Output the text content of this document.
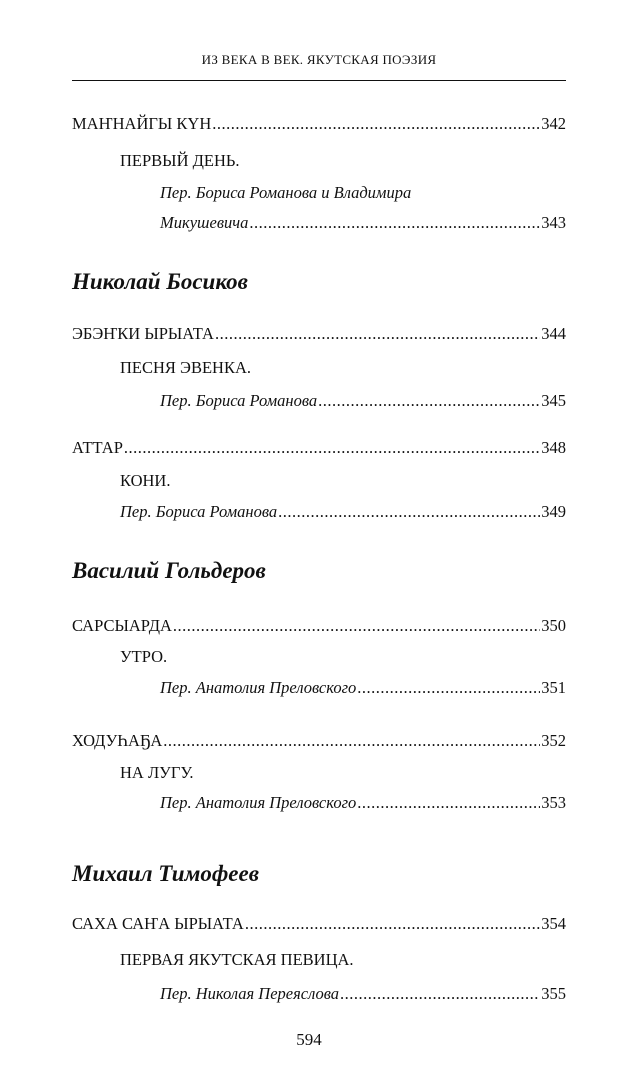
ИЗ ВЕКА В ВЕК. ЯКУТСКАЯ ПОЭЗИЯ
МАҤНАЙГЫ КҮН .....	342
ПЕРВЫЙ ДЕНЬ.
Пер. Бориса Романова и Владимира
Микушевича .....	343
Николай Босиков
ЭБЭҤКИ ЫРЫАТА .....	344
ПЕСНЯ ЭВЕНКА.
Пер. Бориса Романова .....	345
АТТАР .....	348
КОНИ.
Пер. Бориса Романова .....	349
Василий Гольдеров
САРСЫАРДА .....	350
УТРО.
Пер. Анатолия Преловского .....	351
ХОДУҺАҔА .....	352
НА ЛУГУ.
Пер. Анатолия Преловского .....	353
Михаил Тимофеев
САХА САҤА ЫРЫАТА .....	354
ПЕРВАЯ ЯКУТСКАЯ ПЕВИЦА.
Пер. Николая Переяслова .....	355
594
